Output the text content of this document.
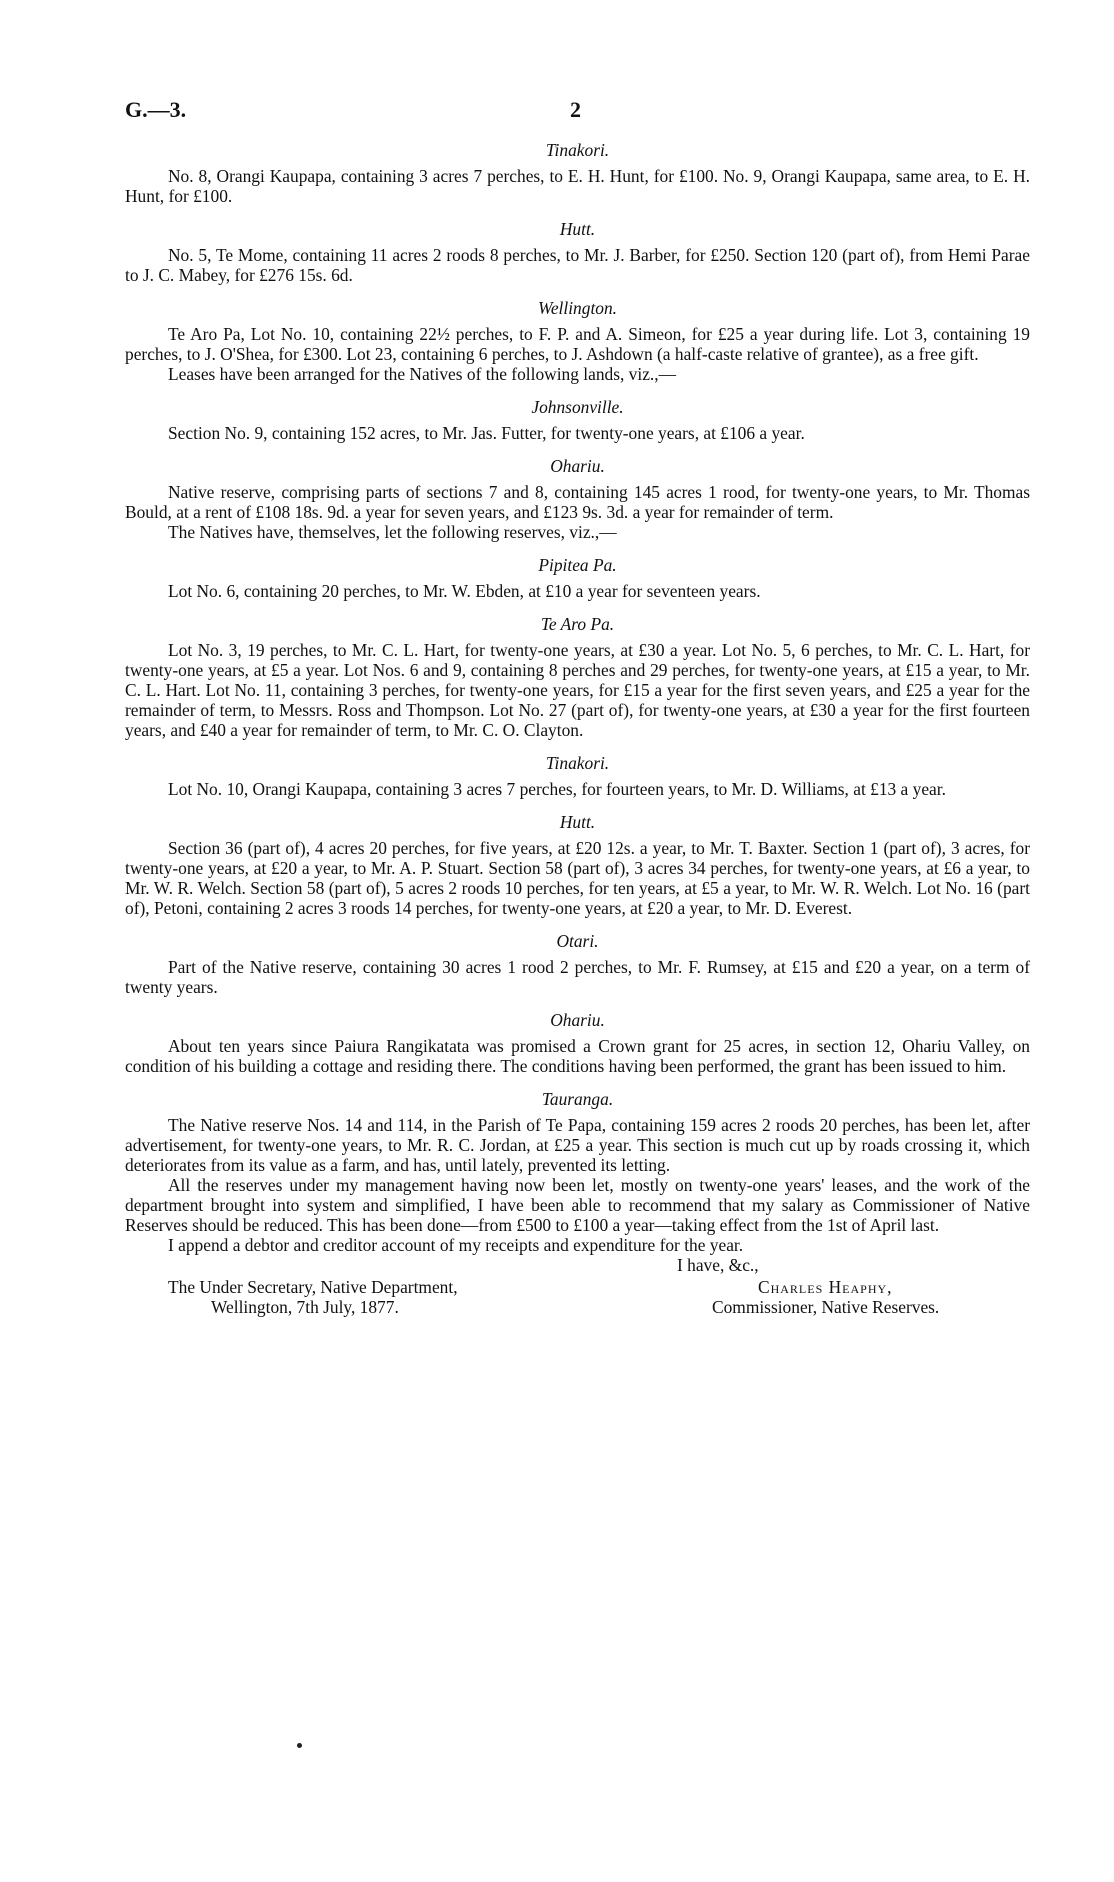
G.—3.	2
Tinakori.

No. 8, Orangi Kaupapa, containing 3 acres 7 perches, to E. H. Hunt, for £100. No. 9, Orangi Kaupapa, same area, to E. H. Hunt, for £100.

Hutt.

No. 5, Te Mome, containing 11 acres 2 roods 8 perches, to Mr. J. Barber, for £250. Section 120 (part of), from Hemi Parae to J. C. Mabey, for £276 15s. 6d.

Wellington.

Te Aro Pa, Lot No. 10, containing 22½ perches, to F. P. and A. Simeon, for £25 a year during life. Lot 3, containing 19 perches, to J. O'Shea, for £300. Lot 23, containing 6 perches, to J. Ashdown (a half-caste relative of grantee), as a free gift.

Leases have been arranged for the Natives of the following lands, viz.,—

Johnsonville.

Section No. 9, containing 152 acres, to Mr. Jas. Futter, for twenty-one years, at £106 a year.

Ohariu.

Native reserve, comprising parts of sections 7 and 8, containing 145 acres 1 rood, for twenty-one years, to Mr. Thomas Bould, at a rent of £108 18s. 9d. a year for seven years, and £123 9s. 3d. a year for remainder of term.

The Natives have, themselves, let the following reserves, viz.,—

Pipitea Pa.

Lot No. 6, containing 20 perches, to Mr. W. Ebden, at £10 a year for seventeen years.

Te Aro Pa.

Lot No. 3, 19 perches, to Mr. C. L. Hart, for twenty-one years, at £30 a year. Lot No. 5, 6 perches, to Mr. C. L. Hart, for twenty-one years, at £5 a year. Lot Nos. 6 and 9, containing 8 perches and 29 perches, for twenty-one years, at £15 a year, to Mr. C. L. Hart. Lot No. 11, containing 3 perches, for twenty-one years, for £15 a year for the first seven years, and £25 a year for the remainder of term, to Messrs. Ross and Thompson. Lot No. 27 (part of), for twenty-one years, at £30 a year for the first fourteen years, and £40 a year for remainder of term, to Mr. C. O. Clayton.

Tinakori.

Lot No. 10, Orangi Kaupapa, containing 3 acres 7 perches, for fourteen years, to Mr. D. Williams, at £13 a year.

Hutt.

Section 36 (part of), 4 acres 20 perches, for five years, at £20 12s. a year, to Mr. T. Baxter. Section 1 (part of), 3 acres, for twenty-one years, at £20 a year, to Mr. A. P. Stuart. Section 58 (part of), 3 acres 34 perches, for twenty-one years, at £6 a year, to Mr. W. R. Welch. Section 58 (part of), 5 acres 2 roods 10 perches, for ten years, at £5 a year, to Mr. W. R. Welch. Lot No. 16 (part of), Petoni, containing 2 acres 3 roods 14 perches, for twenty-one years, at £20 a year, to Mr. D. Everest.

Otari.

Part of the Native reserve, containing 30 acres 1 rood 2 perches, to Mr. F. Rumsey, at £15 and £20 a year, on a term of twenty years.

Ohariu.

About ten years since Paiura Rangikatata was promised a Crown grant for 25 acres, in section 12, Ohariu Valley, on condition of his building a cottage and residing there. The conditions having been performed, the grant has been issued to him.

Tauranga.

The Native reserve Nos. 14 and 114, in the Parish of Te Papa, containing 159 acres 2 roods 20 perches, has been let, after advertisement, for twenty-one years, to Mr. R. C. Jordan, at £25 a year. This section is much cut up by roads crossing it, which deteriorates from its value as a farm, and has, until lately, prevented its letting.

All the reserves under my management having now been let, mostly on twenty-one years' leases, and the work of the department brought into system and simplified, I have been able to recommend that my salary as Commissioner of Native Reserves should be reduced. This has been done—from £500 to £100 a year—taking effect from the 1st of April last.

I append a debtor and creditor account of my receipts and expenditure for the year.

I have, &c.,
The Under Secretary, Native Department,
Wellington, 7th July, 1877.
Charles Heaphy,
Commissioner, Native Reserves.
